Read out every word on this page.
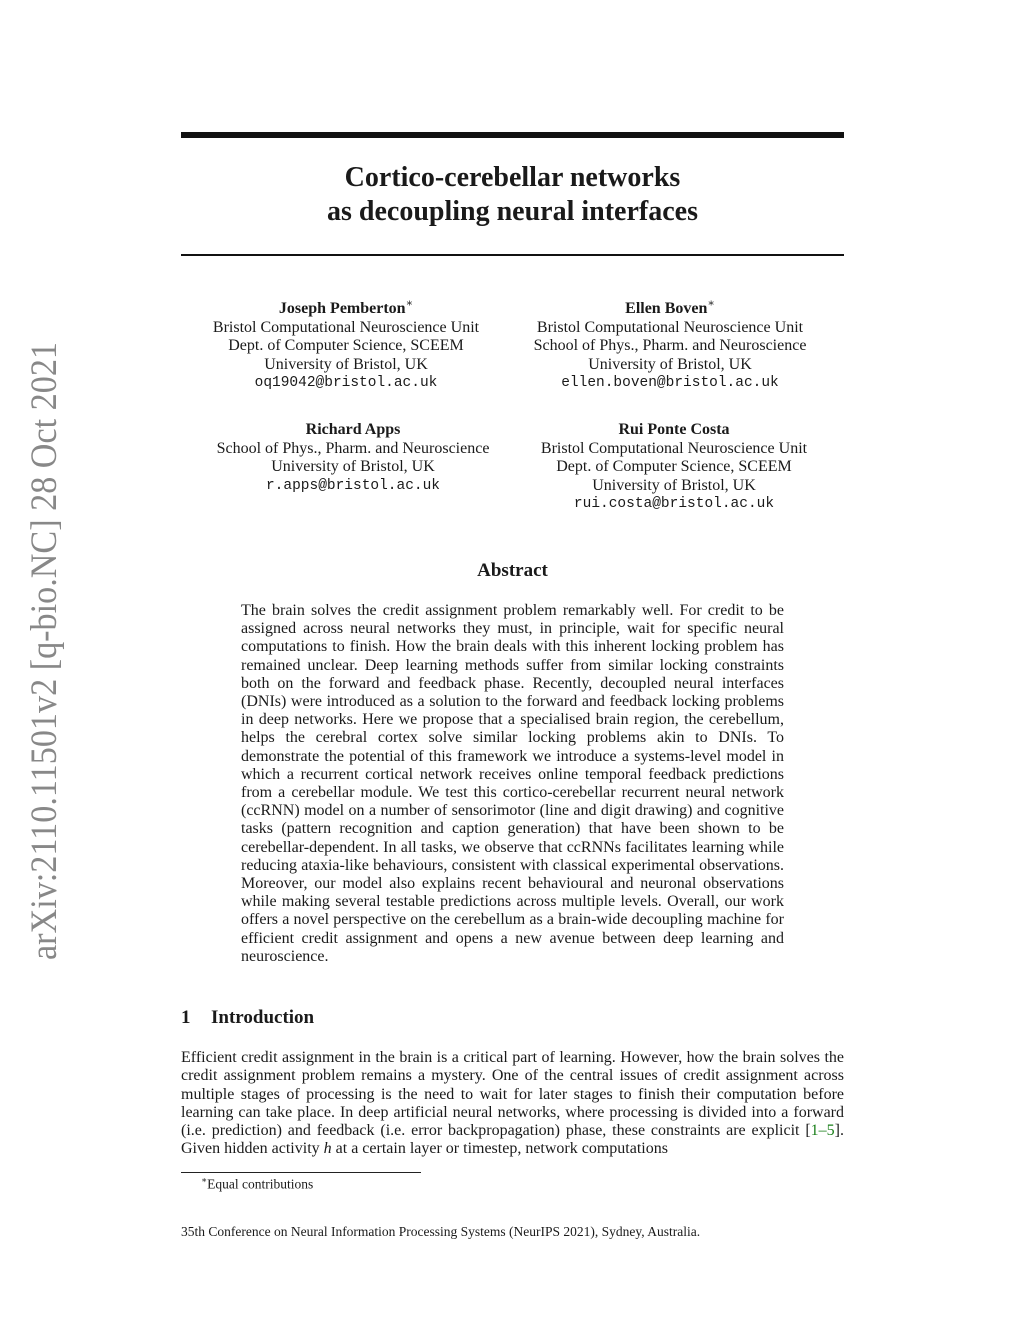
arXiv:2110.11501v2 [q-bio.NC] 28 Oct 2021
Cortico-cerebellar networks
as decoupling neural interfaces
Joseph Pemberton∗
Bristol Computational Neuroscience Unit
Dept. of Computer Science, SCEEM
University of Bristol, UK
oq19042@bristol.ac.uk
Ellen Boven∗
Bristol Computational Neuroscience Unit
School of Phys., Pharm. and Neuroscience
University of Bristol, UK
ellen.boven@bristol.ac.uk
Richard Apps
School of Phys., Pharm. and Neuroscience
University of Bristol, UK
r.apps@bristol.ac.uk
Rui Ponte Costa
Bristol Computational Neuroscience Unit
Dept. of Computer Science, SCEEM
University of Bristol, UK
rui.costa@bristol.ac.uk
Abstract
The brain solves the credit assignment problem remarkably well. For credit to be assigned across neural networks they must, in principle, wait for specific neural computations to finish. How the brain deals with this inherent locking problem has remained unclear. Deep learning methods suffer from similar locking constraints both on the forward and feedback phase. Recently, decoupled neural interfaces (DNIs) were introduced as a solution to the forward and feedback locking problems in deep networks. Here we propose that a specialised brain region, the cerebellum, helps the cerebral cortex solve similar locking problems akin to DNIs. To demonstrate the potential of this framework we introduce a systems-level model in which a recurrent cortical network receives online temporal feedback predictions from a cerebellar module. We test this cortico-cerebellar recurrent neural network (ccRNN) model on a number of sensorimotor (line and digit drawing) and cognitive tasks (pattern recognition and caption generation) that have been shown to be cerebellar-dependent. In all tasks, we observe that ccRNNs facilitates learning while reducing ataxia-like behaviours, consistent with classical experimental observations. Moreover, our model also explains recent behavioural and neuronal observations while making several testable predictions across multiple levels. Overall, our work offers a novel perspective on the cerebellum as a brain-wide decoupling machine for efficient credit assignment and opens a new avenue between deep learning and neuroscience.
1 Introduction
Efficient credit assignment in the brain is a critical part of learning. However, how the brain solves the credit assignment problem remains a mystery. One of the central issues of credit assignment across multiple stages of processing is the need to wait for later stages to finish their computation before learning can take place. In deep artificial neural networks, where processing is divided into a forward (i.e. prediction) and feedback (i.e. error backpropagation) phase, these constraints are explicit [1–5]. Given hidden activity h at a certain layer or timestep, network computations
∗Equal contributions
35th Conference on Neural Information Processing Systems (NeurIPS 2021), Sydney, Australia.
